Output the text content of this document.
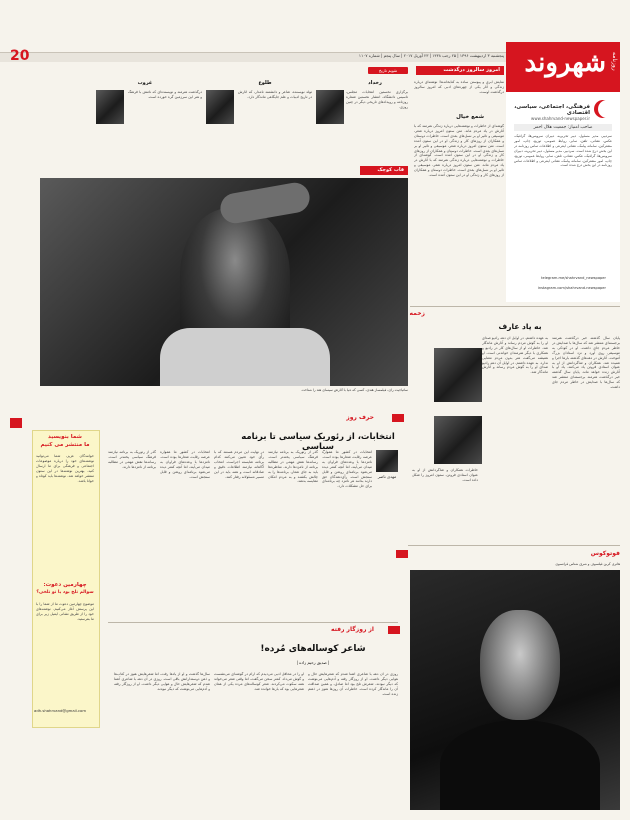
پنجشنبه ۳ اردیبهشت ۱۳۹۶ | ۲۵ رجب ۱۴۳۸ | ۲۳ آوریل ۲۰۱۷ | سال پنجم | شماره ۱۱۰۷
20	شهروند روزنامه
فرهنگی، اجتماعی، سیاسی، اقتصادی
www.shahrvand-newspaper.ir
صاحب امتیاز: جمعیت هلال احمر
سردبیر، مدیر مسئول، دبیر تحریریه، دبیران سرویس‌ها، گرافیک، عکس، نشانی، تلفن، نمابر، روابط عمومی، توزیع، چاپ، امور مشترکین، سامانه پیامک، نشانی اینترنتی و اطلاعات تماس روزنامه در این بخش درج شده است. سردبیر، مدیر مسئول، دبیر تحریریه، دبیران سرویس‌ها، گرافیک، عکس، نشانی، تلفن، نمابر، روابط عمومی، توزیع، چاپ، امور مشترکین، سامانه پیامک، نشانی اینترنتی و اطلاعات تماس روزنامه در این بخش درج شده است.
telegram.me/shahrvand_newspaper
instagram.com/shahrvand.newspaper
امروز سالروز درگذشت
نمایش ابری و پیوستن ساده به کتابخانه‌ها؛ نوشته‌ای درباره زندگی و آثار یکی از چهره‌های ادبی که امروز سالروز درگذشت اوست.
شمع خیال
گوشه‌ای از خاطرات و نوشته‌هایی درباره زندگی هنرمند که با آثارش در یاد مردم ماند. متن ستون امروز درباره شعر، موسیقی و تاثیر او بر نسل‌های بعدی است. خاطرات دوستان و همکاران از روزهای کار و زندگی او در این ستون آمده است. متن ستون امروز درباره شعر، موسیقی و تاثیر او بر نسل‌های بعدی است. خاطرات دوستان و همکاران از روزهای کار و زندگی او در این ستون آمده است. گوشه‌ای از خاطرات و نوشته‌هایی درباره زندگی هنرمند که با آثارش در یاد مردم ماند. متن ستون امروز درباره شعر، موسیقی و تاثیر او بر نسل‌های بعدی است. خاطرات دوستان و همکاران از روزهای کار و زندگی او در این ستون آمده است.
تقویم تاریخ
رخداد
طلوع
غروب
برگزاری نخستین انتخابات مجلس، تاسیس دانشگاه، انتشار نخستین شماره روزنامه و رویدادهای تاریخی دیگر در چنین روزی.
تولد نویسنده، شاعر و دانشمند نامدار، که آثارش در تاریخ ادبیات و علم جایگاهی ماندگار دارد.
درگذشت هنرمند و نویسنده‌ای که نامش با فرهنگ و هنر این سرزمین گره خورده است.
قاب کوچک
ساتیاجیت رای، فیلمساز هندی، کسی که دنیا با آثارش سینمای هند را شناخت
زخمه
به یاد عارف
پایان سال گذشته خبر درگذشت هنرمند برجسته‌ای منتشر شد که سال‌ها با صدایش در خاطر مردم جای داشت. او در کودکی به موسیقی روی آورد و نزد استادان بزرگ آموخت. آثارش در دهه‌های گذشته بارها اجرا و شنیده شد. همکاران و شاگردانش از او به عنوان استادی فروتن یاد می‌کنند. یاد او با آثارش زنده خواهد ماند. پایان سال گذشته خبر درگذشت هنرمند برجسته‌ای منتشر شد که سال‌ها با صدایش در خاطر مردم جای داشت.
به عهده داشتم. در اوایل آن دهه رادیو صدای او را به گوش مردم رساند و آثارش ماندگار شد. خاطرات او از سال‌های کار در رادیو و همکاری با دیگر هنرمندان خواندنی است. او همیشه می‌گفت هنر بدون مردم معنایی ندارد. به عهده داشتم. در اوایل آن دهه رادیو صدای او را به گوش مردم رساند و آثارش ماندگار شد.
خاطرات همکاران و شاگردانش از او به عنوان استادی فروتن، ستون امروز را شکل داده است.
شما بنویسید
ما منتشر می کنیم
خوانندگان عزیز، شما می‌توانید نوشته‌های خود را درباره موضوعات اجتماعی و فرهنگی برای ما ارسال کنید. بهترین نوشته‌ها در این ستون منتشر خواهد شد. نوشته‌ها باید کوتاه و خوانا باشد.
چهارمین دعوت:
سوالم تلخ بود یا تو تلخی؟
موضوع چهارمین دعوت ما از شما را با این پرسش آغاز می‌کنیم. نوشته‌های خود را از طریق نشانی ایمیل زیر برای ما بفرستید.
adh.shahrvand@gmail.com
حرف روز
انتخابات، از رئوریک سیاسی تا برنامه سیاسی
مهدی ناصر
انتخابات در کشور ما همواره عرصه رقابت شعارها بوده است. نامزدها با وعده‌های فراوان به میدان می‌آیند، اما آنچه کمتر دیده می‌شود برنامه‌ای روشن و قابل سنجش است. رأی‌دهندگان حق دارند بدانند هر نامزد چه برنامه‌ای برای حل مشکلات دارد.
گذر از رتوریک به برنامه نیازمند فرهنگ سیاسی پخته‌تر است. رسانه‌ها نقش مهمی در مطالبه برنامه از نامزدها دارند. مناظره‌ها باید به جای شعار، برنامه‌ها را به چالش بکشند و به مردم امکان مقایسه بدهند.
در نهایت این مردم هستند که با رأی خود تعیین می‌کنند کدام برنامه شایسته اجراست. انتخاب آگاهانه نیازمند اطلاعات دقیق و صادقانه است و همه باید در این مسیر مسئولانه رفتار کنند.
انتخابات در کشور ما همواره عرصه رقابت شعارها بوده است. نامزدها با وعده‌های فراوان به میدان می‌آیند، اما آنچه کمتر دیده می‌شود برنامه‌ای روشن و قابل سنجش است.
گذر از رتوریک به برنامه نیازمند فرهنگ سیاسی پخته‌تر است. رسانه‌ها نقش مهمی در مطالبه برنامه از نامزدها دارند.
فوتوکوس
هانری کربن فیلسوف و شرق شناس فرانسوی
از روزگار رفته
شاعر کوساله‌های مُرده!
| صدیق رحیم زاده |
روزی در آن دهه با شاعری آشنا شدم که شعرهایش حال و هوایی دیگر داشت. او از روزگار رفته و آدم‌هایی می‌نوشت که دیگر نبودند. شعرش تلخ بود اما صادق، و همین صداقت آن را ماندگار کرده است. خاطرات آن روزها هنوز در ذهنم زنده است.
او را در محافل ادبی می‌دیدم که آرام در گوشه‌ای می‌نشست و گوش می‌داد. کمتر سخن می‌گفت، اما وقتی شعر می‌خواند همه سکوت می‌کردند. شعر کوساله‌های مرده یکی از همان شعرهایی بود که بارها خوانده شد.
سال‌ها گذشت و او از یادها رفت، اما شعرهایش هنوز در کتاب‌ها و ذهن دوستدارانش باقی است. روزی در آن دهه با شاعری آشنا شدم که شعرهایش حال و هوایی دیگر داشت. او از روزگار رفته و آدم‌هایی می‌نوشت که دیگر نبودند.
